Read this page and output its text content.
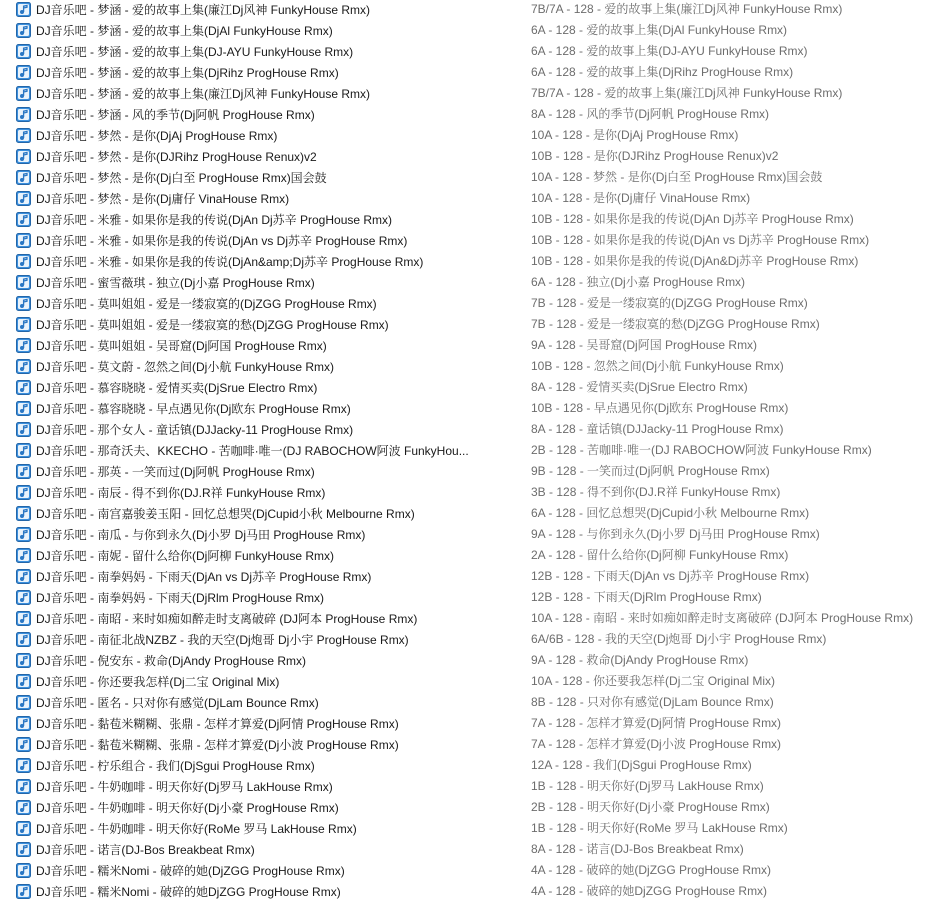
DJ音乐吧 - 梦涵 - 爱的故事上集(廉江Dj风神 FunkyHouse Rmx)	7B/7A - 128 - 爱的故事上集(廉江Dj风神 FunkyHouse Rmx)
DJ音乐吧 - 梦涵 - 爱的故事上集(DjAl FunkyHouse Rmx)	6A - 128 - 爱的故事上集(DjAl FunkyHouse Rmx)
DJ音乐吧 - 梦涵 - 爱的故事上集(DJ-AYU FunkyHouse Rmx)	6A - 128 - 爱的故事上集(DJ-AYU FunkyHouse Rmx)
DJ音乐吧 - 梦涵 - 爱的故事上集(DjRihz ProgHouse Rmx)	6A - 128 - 爱的故事上集(DjRihz ProgHouse Rmx)
DJ音乐吧 - 梦涵 - 爱的故事上集(廉江Dj风神 FunkyHouse Rmx)	7B/7A - 128 - 爱的故事上集(廉江Dj风神 FunkyHouse Rmx)
DJ音乐吧 - 梦涵 - 风的季节(Dj阿帆 ProgHouse Rmx)	8A - 128 - 风的季节(Dj阿帆 ProgHouse Rmx)
DJ音乐吧 - 梦然 - 是你(DjAj ProgHouse Rmx)	10A - 128 - 是你(DjAj ProgHouse Rmx)
DJ音乐吧 - 梦然 - 是你(DJRihz ProgHouse Renux)v2	10B - 128 - 是你(DJRihz ProgHouse Renux)v2
DJ音乐吧 - 梦然 - 是你(Dj白至 ProgHouse Rmx)国会鼓	10A - 128 - 梦然 - 是你(Dj白至 ProgHouse Rmx)国会鼓
DJ音乐吧 - 梦然 - 是你(Dj庸仔 VinaHouse Rmx)	10A - 128 - 是你(Dj庸仔 VinaHouse Rmx)
DJ音乐吧 - 米雅 - 如果你是我的传说(DjAn Dj苏辛 ProgHouse Rmx)	10B - 128 - 如果你是我的传说(DjAn Dj苏辛 ProgHouse Rmx)
DJ音乐吧 - 米雅 - 如果你是我的传说(DjAn vs Dj苏辛 ProgHouse Rmx)	10B - 128 - 如果你是我的传说(DjAn vs Dj苏辛 ProgHouse Rmx)
DJ音乐吧 - 米雅 - 如果你是我的传说(DjAn&amp;Dj苏辛 ProgHouse Rmx)	10B - 128 - 如果你是我的传说(DjAn&Dj苏辛 ProgHouse Rmx)
DJ音乐吧 - 蜜雪薇琪 - 独立(Dj小嘉 ProgHouse Rmx)	6A - 128 - 独立(Dj小嘉 ProgHouse Rmx)
DJ音乐吧 - 莫叫姐姐 - 爱是一缕寂寞的(DjZGG ProgHouse Rmx)	7B - 128 - 爱是一缕寂寞的(DjZGG ProgHouse Rmx)
DJ音乐吧 - 莫叫姐姐 - 爱是一缕寂寞的愁(DjZGG ProgHouse Rmx)	7B - 128 - 爱是一缕寂寞的愁(DjZGG ProgHouse Rmx)
DJ音乐吧 - 莫叫姐姐 - 吴哥窟(Dj阿国 ProgHouse Rmx)	9A - 128 - 吴哥窟(Dj阿国 ProgHouse Rmx)
DJ音乐吧 - 莫文蔚 - 忽然之间(Dj小航 FunkyHouse Rmx)	10B - 128 - 忽然之间(Dj小航 FunkyHouse Rmx)
DJ音乐吧 - 慕容晓晓 - 爱情买卖(DjSrue Electro Rmx)	8A - 128 - 爱情买卖(DjSrue Electro Rmx)
DJ音乐吧 - 慕容晓晓 - 早点遇见你(Dj欧东 ProgHouse Rmx)	10B - 128 - 早点遇见你(Dj欧东 ProgHouse Rmx)
DJ音乐吧 - 那个女人 - 童话镇(DJJacky-11 ProgHouse Rmx)	8A - 128 - 童话镇(DJJacky-11 ProgHouse Rmx)
DJ音乐吧 - 那奇沃夫、KKECHO - 苦咖啡·唯一(DJ RABOCHOW阿波 FunkyHou...	2B - 128 - 苦咖啡·唯一(DJ RABOCHOW阿波 FunkyHouse Rmx)
DJ音乐吧 - 那英 - 一笑而过(Dj阿帆 ProgHouse Rmx)	9B - 128 - 一笑而过(Dj阿帆 ProgHouse Rmx)
DJ音乐吧 - 南辰 - 得不到你(DJ.R祥 FunkyHouse Rmx)	3B - 128 - 得不到你(DJ.R祥 FunkyHouse Rmx)
DJ音乐吧 - 南宫嘉骏姜玉阳 - 回忆总想哭(DjCupid小秋 Melbourne Rmx)	6A - 128 - 回忆总想哭(DjCupid小秋 Melbourne Rmx)
DJ音乐吧 - 南瓜 - 与你到永久(Dj小罗 Dj马田 ProgHouse Rmx)	9A - 128 - 与你到永久(Dj小罗 Dj马田 ProgHouse Rmx)
DJ音乐吧 - 南妮 - 留什么给你(Dj阿柳 FunkyHouse Rmx)	2A - 128 - 留什么给你(Dj阿柳 FunkyHouse Rmx)
DJ音乐吧 - 南拳妈妈 - 下雨天(DjAn vs Dj苏辛 ProgHouse Rmx)	12B - 128 - 下雨天(DjAn vs Dj苏辛 ProgHouse Rmx)
DJ音乐吧 - 南拳妈妈 - 下雨天(DjRlm ProgHouse Rmx)	12B - 128 - 下雨天(DjRlm ProgHouse Rmx)
DJ音乐吧 - 南昭 - 来时如痴如醉走时支离破碎 (DJ阿本 ProgHouse Rmx)	10A - 128 - 南昭 - 来时如痴如醉走时支离破碎 (DJ阿本 ProgHouse Rmx)
DJ音乐吧 - 南征北战NZBZ - 我的天空(Dj炮哥 Dj小宇 ProgHouse Rmx)	6A/6B - 128 - 我的天空(Dj炮哥 Dj小宇 ProgHouse Rmx)
DJ音乐吧 - 倪安东 - 救命(DjAndy ProgHouse Rmx)	9A - 128 - 救命(DjAndy ProgHouse Rmx)
DJ音乐吧 - 你还要我怎样(Dj二宝 Original Mix)	10A - 128 - 你还要我怎样(Dj二宝 Original Mix)
DJ音乐吧 - 匿名 - 只对你有感觉(DjLam Bounce Rmx)	8B - 128 - 只对你有感觉(DjLam Bounce Rmx)
DJ音乐吧 - 黏苞米糊糊、张鼎 - 怎样才算爱(Dj阿情 ProgHouse Rmx)	7A - 128 - 怎样才算爱(Dj阿情 ProgHouse Rmx)
DJ音乐吧 - 黏苞米糊糊、张鼎 - 怎样才算爱(Dj小波 ProgHouse Rmx)	7A - 128 - 怎样才算爱(Dj小波 ProgHouse Rmx)
DJ音乐吧 - 柠乐组合 - 我们(DjSgui ProgHouse Rmx)	12A - 128 - 我们(DjSgui ProgHouse Rmx)
DJ音乐吧 - 牛奶咖啡 - 明天你好(Dj罗马 LakHouse Rmx)	1B - 128 - 明天你好(Dj罗马 LakHouse Rmx)
DJ音乐吧 - 牛奶咖啡 - 明天你好(Dj小豪 ProgHouse Rmx)	2B - 128 - 明天你好(Dj小豪 ProgHouse Rmx)
DJ音乐吧 - 牛奶咖啡 - 明天你好(RoMe 罗马 LakHouse Rmx)	1B - 128 - 明天你好(RoMe 罗马 LakHouse Rmx)
DJ音乐吧 - 诺言(DJ-Bos Breakbeat Rmx)	8A - 128 - 诺言(DJ-Bos Breakbeat Rmx)
DJ音乐吧 - 糯米Nomi - 破碎的她(DjZGG ProgHouse Rmx)	4A - 128 - 破碎的她(DjZGG ProgHouse Rmx)
DJ音乐吧 - 糯米Nomi - 破碎的她DjZGG ProgHouse Rmx)	4A - 128 - 破碎的她DjZGG ProgHouse Rmx)
